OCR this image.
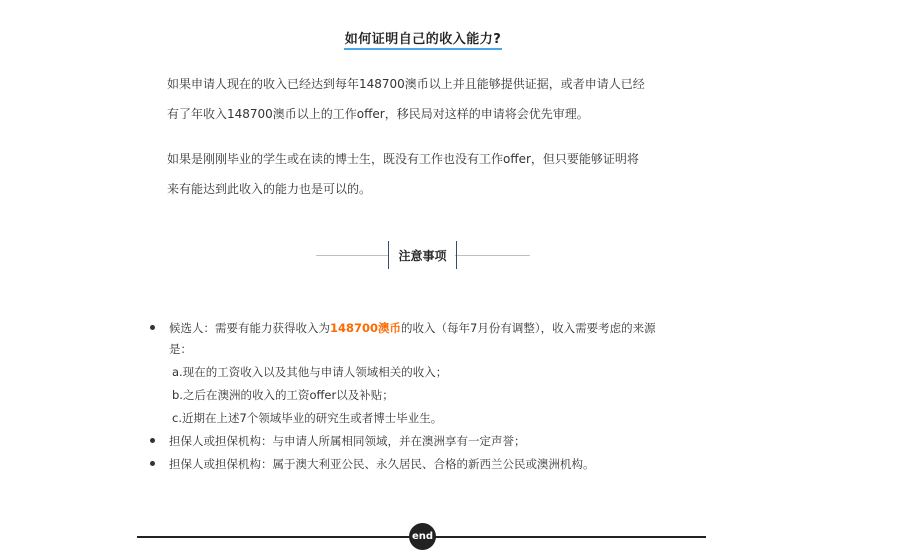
如何证明自己的收入能力?
如果申请人现在的收入已经达到每年148700澳币以上并且能够提供证据，或者申请人已经
有了年收入148700澳币以上的工作offer，移民局对这样的申请将会优先审理。
如果是刚刚毕业的学生或在读的博士生，既没有工作也没有工作offer，但只要能够证明将
来有能达到此收入的能力也是可以的。
注意事项
候选人：需要有能力获得收入为148700澳币的收入（每年7月份有调整），收入需要考虑的来源
是：
a.现在的工资收入以及其他与申请人领域相关的收入；
b.之后在澳洲的收入的工资offer以及补贴；
c.近期在上述7个领域毕业的研究生或者博士毕业生。
担保人或担保机构：与申请人所属相同领域，并在澳洲享有一定声誉；
担保人或担保机构：属于澳大利亚公民、永久居民、合格的新西兰公民或澳洲机构。
end
